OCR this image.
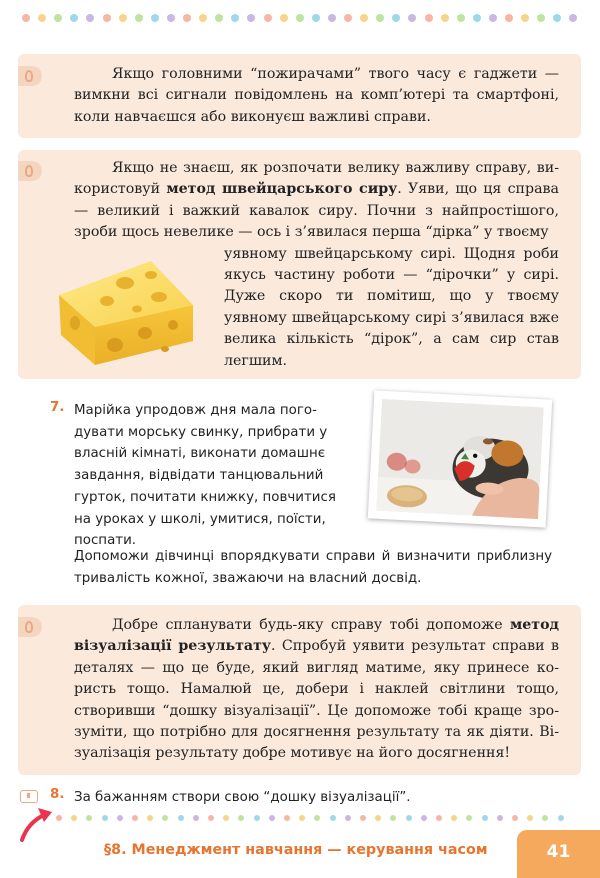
Якщо головними “пожирачами” твого часу є гаджети — вимкни всі сигнали повідомлень на комп’ютері та смартфоні, коли навчаєшся або виконуєш важливі справи.

Якщо не знаєш, як розпочати велику важливу справу, використовуй метод швейцарського сиру. Уяви, що ця справа — великий і важкий кавалок сиру. Почни з найпростішого, зроби щось невелике — ось і з’явилася перша “дірка” у твоєму

уявному швейцарському сирі. Щодня роби якусь частину роботи — “дірочки” у сирі. Дуже скоро ти помітиш, що у твоєму уявному швейцарському сирі з’явилася вже велика кількість “дірок”, а сам сир став легшим.

7. Марійка упродовж дня мала погодувати морську свинку, прибрати у власній кімнаті, виконати домашнє завдання, відвідати танцювальний гурток, почитати книжку, повчитися на уроках у школі, умитися, поїсти, поспати.
Допоможи дівчинці впорядкувати справи й визначити приблизну тривалість кожної, зважаючи на власний досвід.

Добре спланувати будь-яку справу тобі допоможе метод візуалізації результату. Спробуй уявити результат справи в деталях — що це буде, який вигляд матиме, яку принесе користь тощо. Намалюй це, добери і наклей світлини тощо, створивши “дошку візуалізації”. Це допоможе тобі краще зрозуміти, що потрібно для досягнення результату та як діяти. Візуалізація результату добре мотивує на його досягнення!

8. За бажанням створи свою “дошку візуалізації”.
§8. Менеджмент навчання — керування часом	41
